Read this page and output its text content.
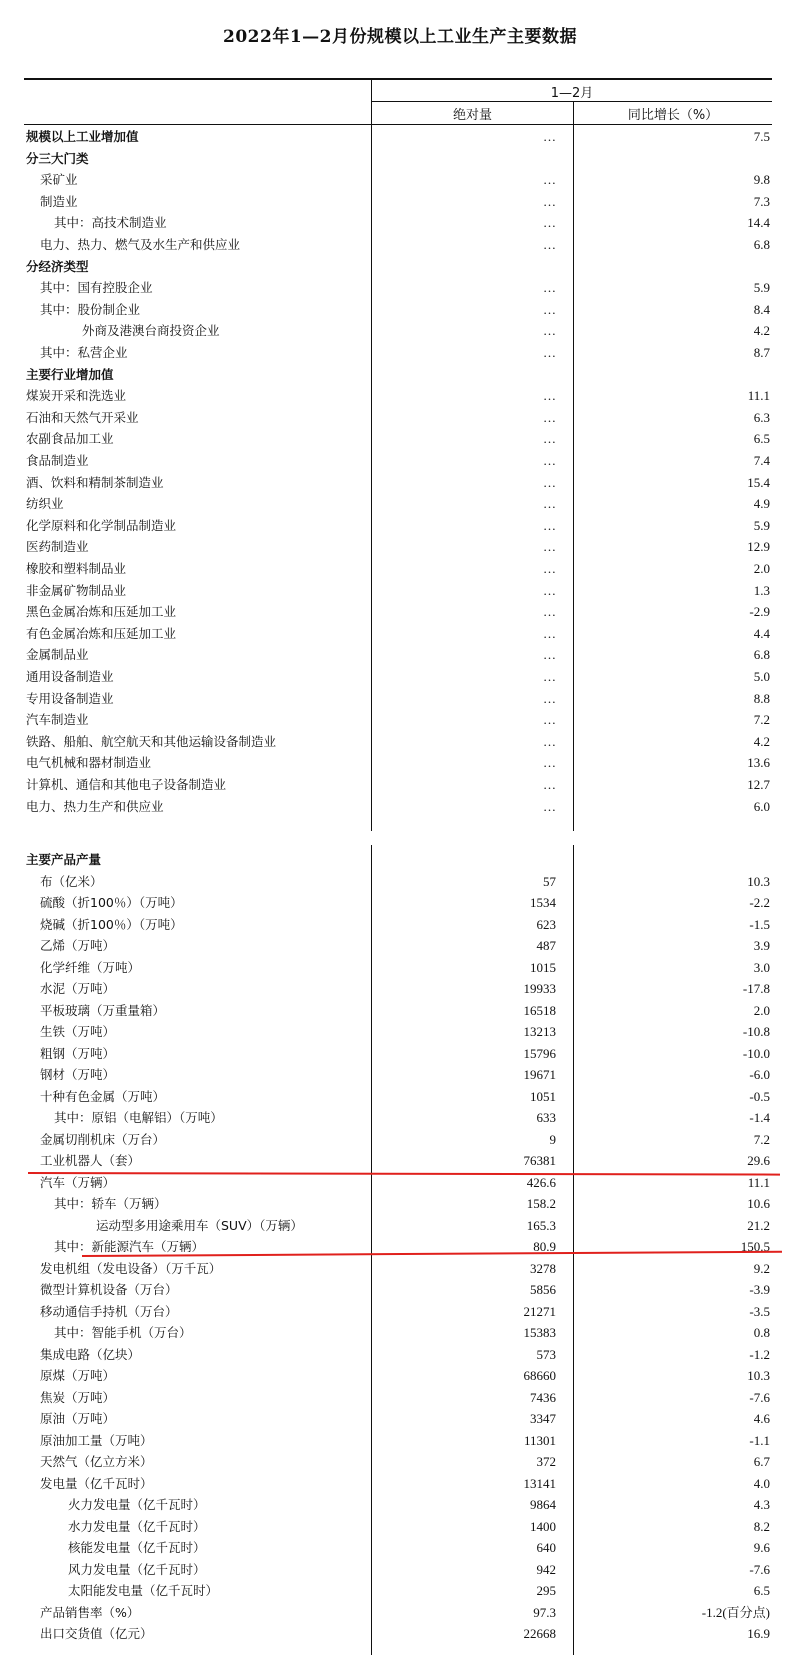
2022年1—2月份规模以上工业生产主要数据
1—2月
绝对量	同比增长（%）
规模以上工业增加值	…	7.5
分三大门类
采矿业	…	9.8
制造业	…	7.3
其中：高技术制造业	…	14.4
电力、热力、燃气及水生产和供应业	…	6.8
分经济类型
其中：国有控股企业	…	5.9
其中：股份制企业	…	8.4
外商及港澳台商投资企业	…	4.2
其中：私营企业	…	8.7
主要行业增加值
煤炭开采和洗选业	…	11.1
石油和天然气开采业	…	6.3
农副食品加工业	…	6.5
食品制造业	…	7.4
酒、饮料和精制茶制造业	…	15.4
纺织业	…	4.9
化学原料和化学制品制造业	…	5.9
医药制造业	…	12.9
橡胶和塑料制品业	…	2.0
非金属矿物制品业	…	1.3
黑色金属冶炼和压延加工业	…	-2.9
有色金属冶炼和压延加工业	…	4.4
金属制品业	…	6.8
通用设备制造业	…	5.0
专用设备制造业	…	8.8
汽车制造业	…	7.2
铁路、船舶、航空航天和其他运输设备制造业	…	4.2
电气机械和器材制造业	…	13.6
计算机、通信和其他电子设备制造业	…	12.7
电力、热力生产和供应业	…	6.0
主要产品产量
布（亿米）	57	10.3
硫酸（折100％）（万吨）	1534	-2.2
烧碱（折100％）（万吨）	623	-1.5
乙烯（万吨）	487	3.9
化学纤维（万吨）	1015	3.0
水泥（万吨）	19933	-17.8
平板玻璃（万重量箱）	16518	2.0
生铁（万吨）	13213	-10.8
粗钢（万吨）	15796	-10.0
钢材（万吨）	19671	-6.0
十种有色金属（万吨）	1051	-0.5
其中：原铝（电解铝）（万吨）	633	-1.4
金属切削机床（万台）	9	7.2
工业机器人（套）	76381	29.6
汽车（万辆）	426.6	11.1
其中：轿车（万辆）	158.2	10.6
运动型多用途乘用车（SUV）（万辆）	165.3	21.2
其中：新能源汽车（万辆）	80.9	150.5
发电机组（发电设备）（万千瓦）	3278	9.2
微型计算机设备（万台）	5856	-3.9
移动通信手持机（万台）	21271	-3.5
其中：智能手机（万台）	15383	0.8
集成电路（亿块）	573	-1.2
原煤（万吨）	68660	10.3
焦炭（万吨）	7436	-7.6
原油（万吨）	3347	4.6
原油加工量（万吨）	11301	-1.1
天然气（亿立方米）	372	6.7
发电量（亿千瓦时）	13141	4.0
火力发电量（亿千瓦时）	9864	4.3
水力发电量（亿千瓦时）	1400	8.2
核能发电量（亿千瓦时）	640	9.6
风力发电量（亿千瓦时）	942	-7.6
太阳能发电量（亿千瓦时）	295	6.5
产品销售率（%）	97.3	-1.2(百分点)
出口交货值（亿元）	22668	16.9
